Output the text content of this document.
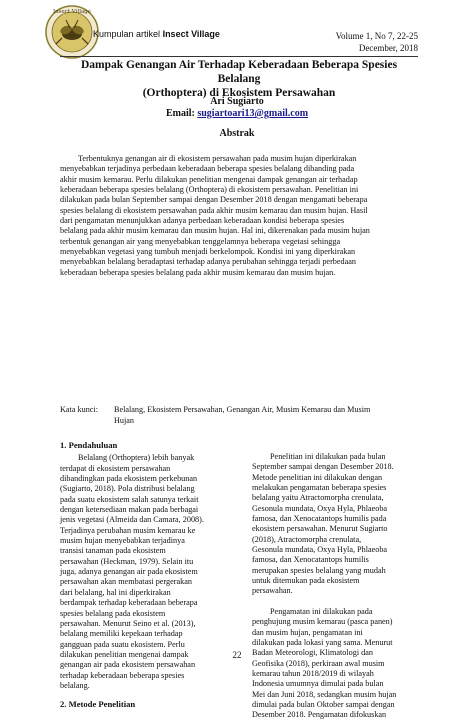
Insect Village
Kumpulan artikel Insect Village	Volume 1, No 7, 22-25
December, 2018
Dampak Genangan Air Terhadap Keberadaan Beberapa Spesies Belalang
(Orthoptera) di Ekosistem Persawahan
Ari Sugiarto
Email: sugiartoari13@gmail.com
Abstrak
Terbentuknya genangan air di ekosistem persawahan pada musim hujan diperkirakan
menyebabkan terjadinya perbedaan keberadaan beberapa spesies belalang dibanding pada
akhir musim kemarau. Perlu dilakukan penelitian mengenai dampak genangan air terhadap
keberadaan beberapa spesies belalang (Orthoptera) di ekosistem persawahan. Penelitian ini
dilakukan pada bulan September sampai dengan Desember 2018 dengan mengamati beberapa
spesies belalang di ekosistem persawahan pada akhir musim kemarau dan musim hujan. Hasil
dari pengamatan menunjukkan adanya perbedaan keberadaan kondisi beberapa spesies
belalang pada akhir musim kemarau dan musim hujan. Hal ini, dikerenakan pada musim hujan
terbentuk genangan air yang menyebabkan tenggelamnya beberapa vegetasi sehingga
menyebabkan vegetasi yang tumbuh menjadi berkelompok. Kondisi ini yang diperkirakan
menyebabkan belalang beradaptasi terhadap adanya perubahan sehingga terjadi perbedaan
keberadaan beberapa spesies belalang pada akhir musim kemarau dan musim hujan.
Kata kunci: Belalang, Ekosistem Persawahan, Genangan Air, Musim Kemarau dan Musim
Hujan
1. Pendahuluan
Belalang (Orthoptera) lebih banyak
terdapat di ekosistem persawahan
dibandingkan pada ekosistem perkebunan
(Sugiarto, 2018). Pola distribusi belalang
pada suatu ekosistem salah satunya terkait
dengan ketersediaan makan pada berbagai
jenis vegetasi (Almeida dan Camara, 2008).
Terjadinya perubahan musim kemarau ke
musim hujan menyebabkan terjadinya
transisi tanaman pada ekosistem
persawahan (Heckman, 1979). Selain itu
juga, adanya genangan air pada ekosistem
persawahan akan membatasi pergerakan
dari belalang, hal ini diperkirakan
berdampak terhadap keberadaan beberapa
spesies belalang pada ekosistem
persawahan. Menurut Seino et al. (2013),
belalang memiliki kepekaan terhadap
gangguan pada suatu ekosistem. Perlu
dilakukan penelitian mengenai dampak
genangan air pada ekosistem persawahan
terhadap keberadaan beberapa spesies
belalang.
2. Metode Penelitian
Penelitian ini dilakukan pada bulan
September sampai dengan Desember 2018.
Metode penelitian ini dilakukan dengan
melakukan pengamatan beberapa spesies
belalang yaitu Atractomorpha crenulata,
Gesonula mundata, Oxya Hyla, Phlaeoba
famosa, dan Xenocatantops humilis pada
ekosistem persawahan. Menurut Sugiarto
(2018), Atractomorpha crenulata,
Gesonula mundata, Oxya Hyla, Phlaeoba
famosa, dan Xenocatantops humilis
merupakan spesies belalang yang mudah
untuk ditemukan pada ekosistem
persawahan.
Pengamatan ini dilakukan pada
penghujung musim kemarau (pasca panen)
dan musim hujan, pengamatan ini
dilakukan pada lokasi yang sama. Menurut
Badan Meteorologi, Klimatologi dan
Geofisika (2018), perkiraan awal musim
kemarau tahun 2018/2019 di wilayah
Indonesia umumnya dimulai pada bulan
Mei dan Juni 2018, sedangkan musim hujan
dimulai pada bulan Oktober sampai dengan
Desember 2018. Pengamatan difokuskan
22
